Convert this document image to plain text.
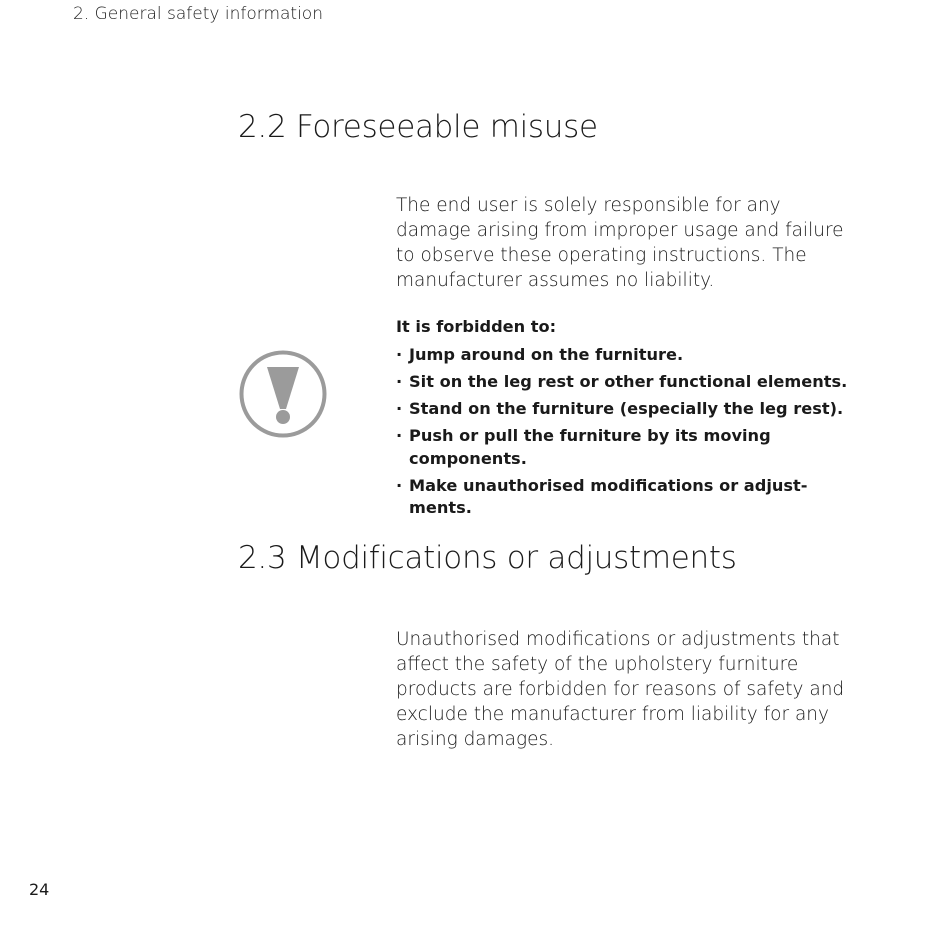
2. General safety information

2.2 Foreseeable misuse

The end user is solely responsible for any damage arising from improper usage and failure to observe these operating instructions. The manufacturer assumes no liability.

It is forbidden to:

· Jump around on the furniture.
· Sit on the leg rest or other functional elements.
· Stand on the furniture (especially the leg rest).
· Push or pull the furniture by its moving components.
· Make unauthorised modifications or adjust-ments.
2.3 Modifications or adjustments

Unauthorised modifications or adjustments that affect the safety of the upholstery furniture products are forbidden for reasons of safety and exclude the manufacturer from liability for any arising damages.

24
